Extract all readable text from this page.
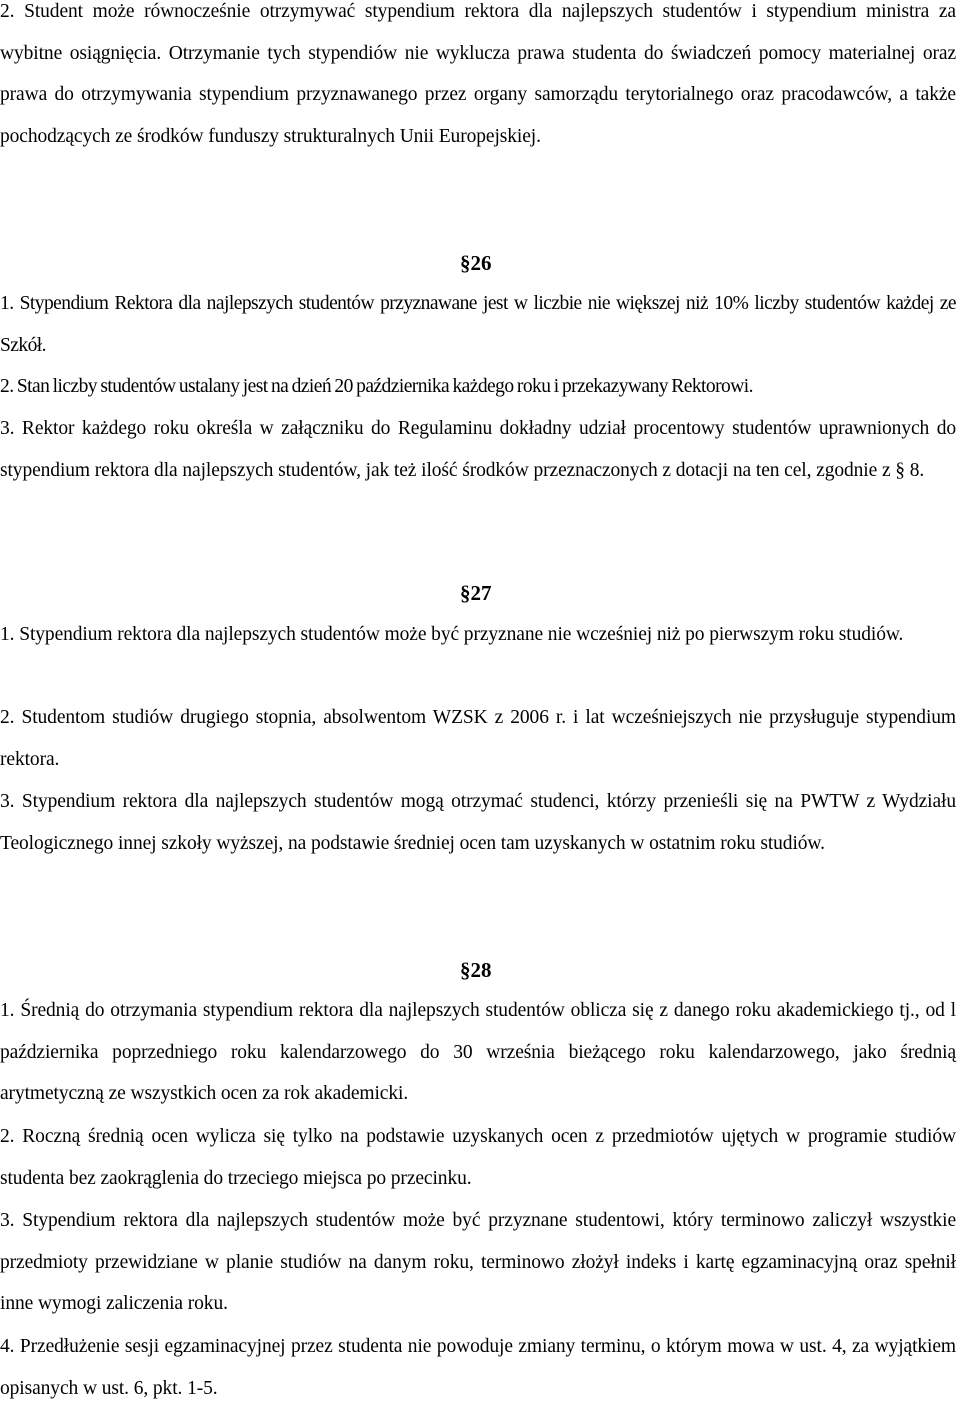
2. Student może równocześnie otrzymywać stypendium rektora dla najlepszych studentów i stypendium ministra za wybitne osiągnięcia. Otrzymanie tych stypendiów nie wyklucza prawa studenta do świadczeń pomocy materialnej oraz prawa do otrzymywania stypendium przyznawanego przez organy samorządu terytorialnego oraz pracodawców, a także pochodzących ze środków funduszy strukturalnych Unii Europejskiej.

§26

1. Stypendium Rektora dla najlepszych studentów przyznawane jest w liczbie nie większej niż 10% liczby studentów każdej ze Szkół.

2. Stan liczby studentów ustalany jest na dzień 20 października każdego roku i przekazywany Rektorowi.

3. Rektor każdego roku określa w załączniku do Regulaminu dokładny udział procentowy studentów uprawnionych do stypendium rektora dla najlepszych studentów, jak też ilość środków przeznaczonych z dotacji na ten cel, zgodnie z § 8.

§27

1. Stypendium rektora dla najlepszych studentów może być przyznane nie wcześniej niż po pierwszym roku studiów.

2. Studentom studiów drugiego stopnia, absolwentom WZSK z 2006 r. i lat wcześniejszych nie przysługuje stypendium rektora.

3. Stypendium rektora dla najlepszych studentów mogą otrzymać studenci, którzy przenieśli się na PWTW z Wydziału Teologicznego innej szkoły wyższej, na podstawie średniej ocen tam uzyskanych w ostatnim roku studiów.

§28

1. Średnią do otrzymania stypendium rektora dla najlepszych studentów oblicza się z danego roku akademickiego tj., od l października poprzedniego roku kalendarzowego do 30 września bieżącego roku kalendarzowego, jako średnią arytmetyczną ze wszystkich ocen za rok akademicki.

2. Roczną średnią ocen wylicza się tylko na podstawie uzyskanych ocen z przedmiotów ujętych w programie studiów studenta bez zaokrąglenia do trzeciego miejsca po przecinku.

3. Stypendium rektora dla najlepszych studentów może być przyznane studentowi, który terminowo zaliczył wszystkie przedmioty przewidziane w planie studiów na danym roku, terminowo złożył indeks i kartę egzaminacyjną oraz spełnił inne wymogi zaliczenia roku.

4. Przedłużenie sesji egzaminacyjnej przez studenta nie powoduje zmiany terminu, o którym mowa w ust. 4, za wyjątkiem opisanych w ust. 6, pkt. 1-5.
